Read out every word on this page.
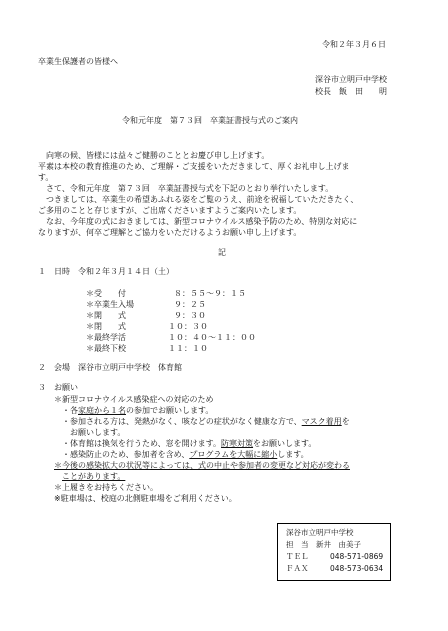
令和２年３月６日
卒業生保護者の皆様へ
深谷市立明戸中学校
校長　飯　田　　明
令和元年度　第７３回　卒業証書授与式のご案内
向寒の候、皆様には益々ご健勝のこととお慶び申し上げます。
平素は本校の教育推進のため、ご理解・ご支援をいただきまして、厚くお礼申し上げま
す。
さて、令和元年度　第７３回　卒業証書授与式を下記のとおり挙行いたします。
つきましては、卒業生の希望あふれる姿をご覧のうえ、前途を祝福していただきたく、
ご多用のことと存じますが、ご出席くださいますようご案内いたします。
なお、今年度の式におきましては、新型コロナウイルス感染予防のため、特別な対応に
なりますが、何卒ご理解とご協力をいただけるようお願い申し上げます。
記
１　日時　令和２年３月１４日（土）
＊受　　付	８：５５～９：１５
＊卒業生入場	９：２５
＊開　　式	９：３０
＊閉　　式	１０：３０
＊最終学活	１０：４０～１１：００
＊最終下校	１１：１０
２　会場　深谷市立明戸中学校　体育館
３　お願い
＊新型コロナウイルス感染症への対応のため
・各家庭から１名の参加でお願いします。
・参加される方は、発熱がなく、咳などの症状がなく健康な方で、マスク着用を
お願いします。
・体育館は換気を行うため、窓を開けます。防寒対策をお願いします。
・感染防止のため、参加者を含め、プログラムを大幅に縮小します。
＊今後の感染拡大の状況等によっては、式の中止や参加者の変更など対応が変わる
ことがあります。
＊上履きをお持ちください。
※駐車場は、校庭の北側駐車場をご利用ください。
深谷市立明戸中学校
担　当　新井　由美子
ＴＥＬ	048-571-0869
ＦＡＸ	048-573-0634
